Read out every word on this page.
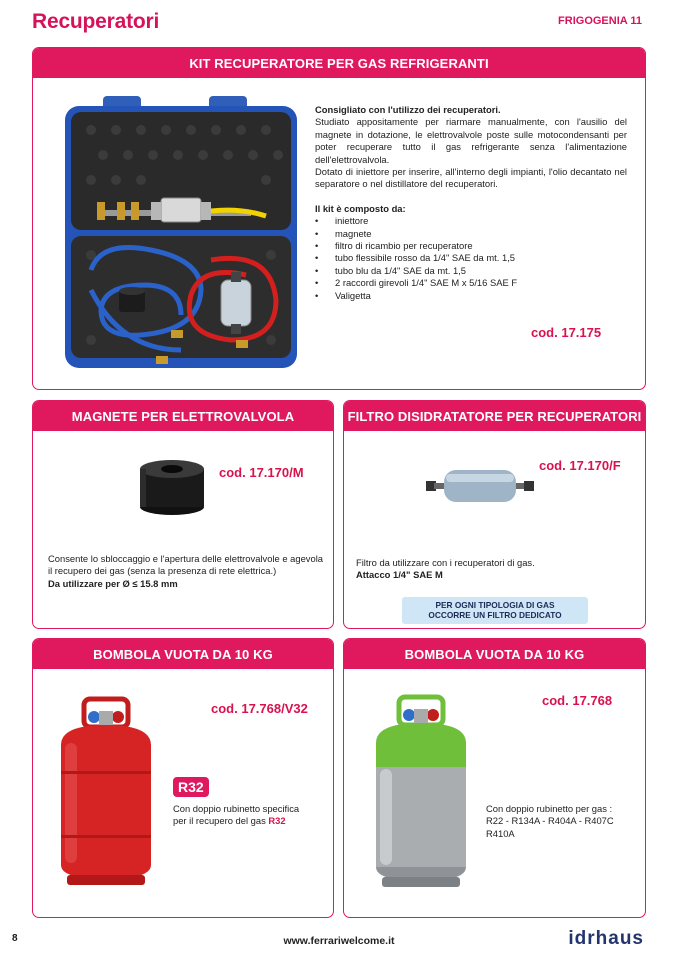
Recuperatori	FRIGOGENIA 11
KIT RECUPERATORE PER GAS REFRIGERANTI
Consigliato con l'utilizzo dei recuperatori.
Studiato appositamente per riarmare manualmente, con l'ausilio del magnete in dotazione, le elettrovalvole poste sulle motocondensanti per poter recuperare tutto il gas refrigerante senza l'alimentazione dell'elettrovalvola.
Dotato di iniettore per inserire, all'interno degli impianti, l'olio decantato nel separatore o nel distillatore del recuperatori.
Il kit è composto da:
• iniettore
• magnete
• filtro di ricambio per recuperatore
• tubo flessibile rosso da 1/4" SAE da mt. 1,5
• tubo blu da 1/4" SAE da mt. 1,5
• 2 raccordi girevoli 1/4" SAE M x 5/16 SAE F
• Valigetta
cod. 17.175
MAGNETE PER ELETTROVALVOLA
cod. 17.170/M
Consente lo sbloccaggio e l'apertura delle elettrovalvole e agevola il recupero dei gas (senza la presenza di rete elettrica.)
Da utilizzare per Ø ≤ 15.8 mm
FILTRO DISIDRATATORE PER RECUPERATORI
cod. 17.170/F
Filtro da utilizzare con i recuperatori di gas.
Attacco 1/4" SAE M
PER OGNI TIPOLOGIA DI GAS
OCCORRE UN FILTRO DEDICATO
BOMBOLA VUOTA DA 10 KG
cod. 17.768/V32
R32
Con doppio rubinetto specifica per il recupero del gas R32
BOMBOLA VUOTA DA 10 KG
cod. 17.768
Con doppio rubinetto per gas :
R22 - R134A - R404A - R407C R410A
8	www.ferrariwelcome.it	idrhaus
